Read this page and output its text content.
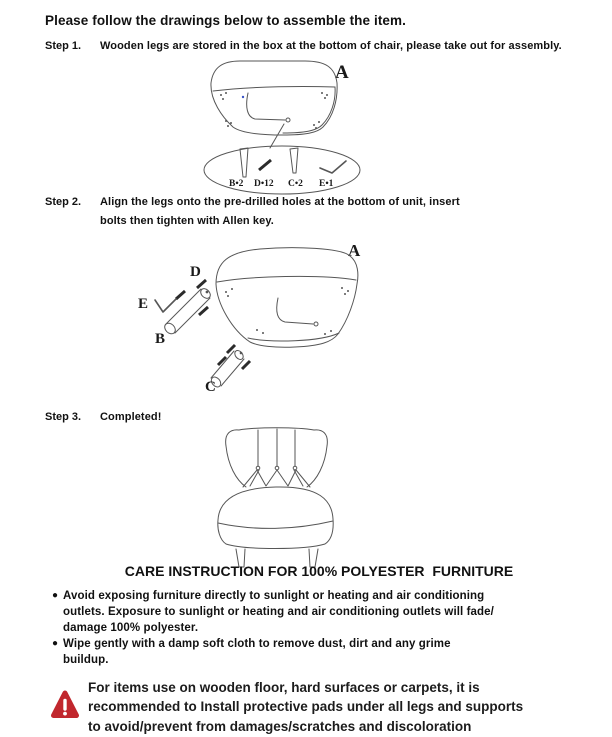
Please follow the drawings below to assemble the item.
Step 1. Wooden legs are stored in the box at the bottom of chair, please take out for assembly.
A
B•2 D•12 C•2 E•1
Step 2. Align the legs onto the pre-drilled holes at the bottom of unit, insert
bolts then tighten with Allen key.
A
D
E
B
C
Step 3. Completed!
CARE INSTRUCTION FOR 100% POLYESTER  FURNITURE
● Avoid exposing furniture directly to sunlight or heating and air conditioning
outlets. Exposure to sunlight or heating and air conditioning outlets will fade/
damage 100% polyester.
● Wipe gently with a damp soft cloth to remove dust, dirt and any grime
buildup.
For items use on wooden floor, hard surfaces or carpets, it is
recommended to Install protective pads under all legs and supports
to avoid/prevent from damages/scratches and discoloration
